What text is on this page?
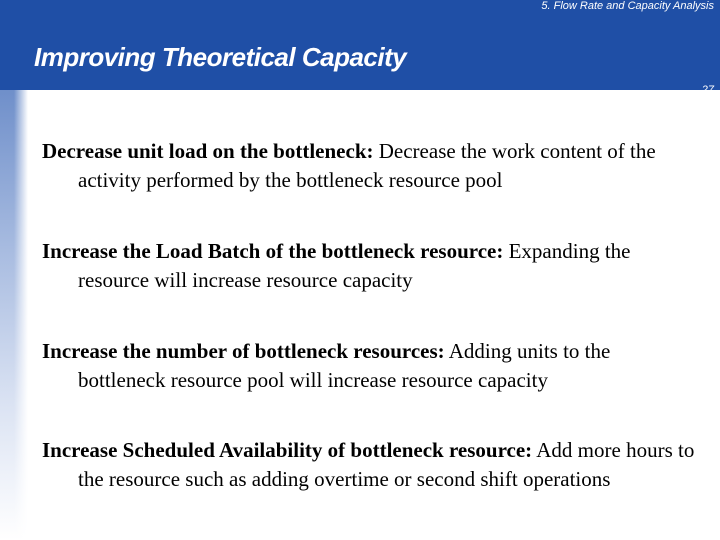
5. Flow Rate and Capacity Analysis
Improving Theoretical Capacity
27
Decrease unit load on the bottleneck: Decrease the work content of the activity performed by the bottleneck resource pool
Increase the Load Batch of the bottleneck resource: Expanding the resource will increase resource capacity
Increase the number of bottleneck resources: Adding units to the bottleneck resource pool will increase resource capacity
Increase Scheduled Availability of bottleneck resource: Add more hours to the resource such as adding overtime or second shift operations
